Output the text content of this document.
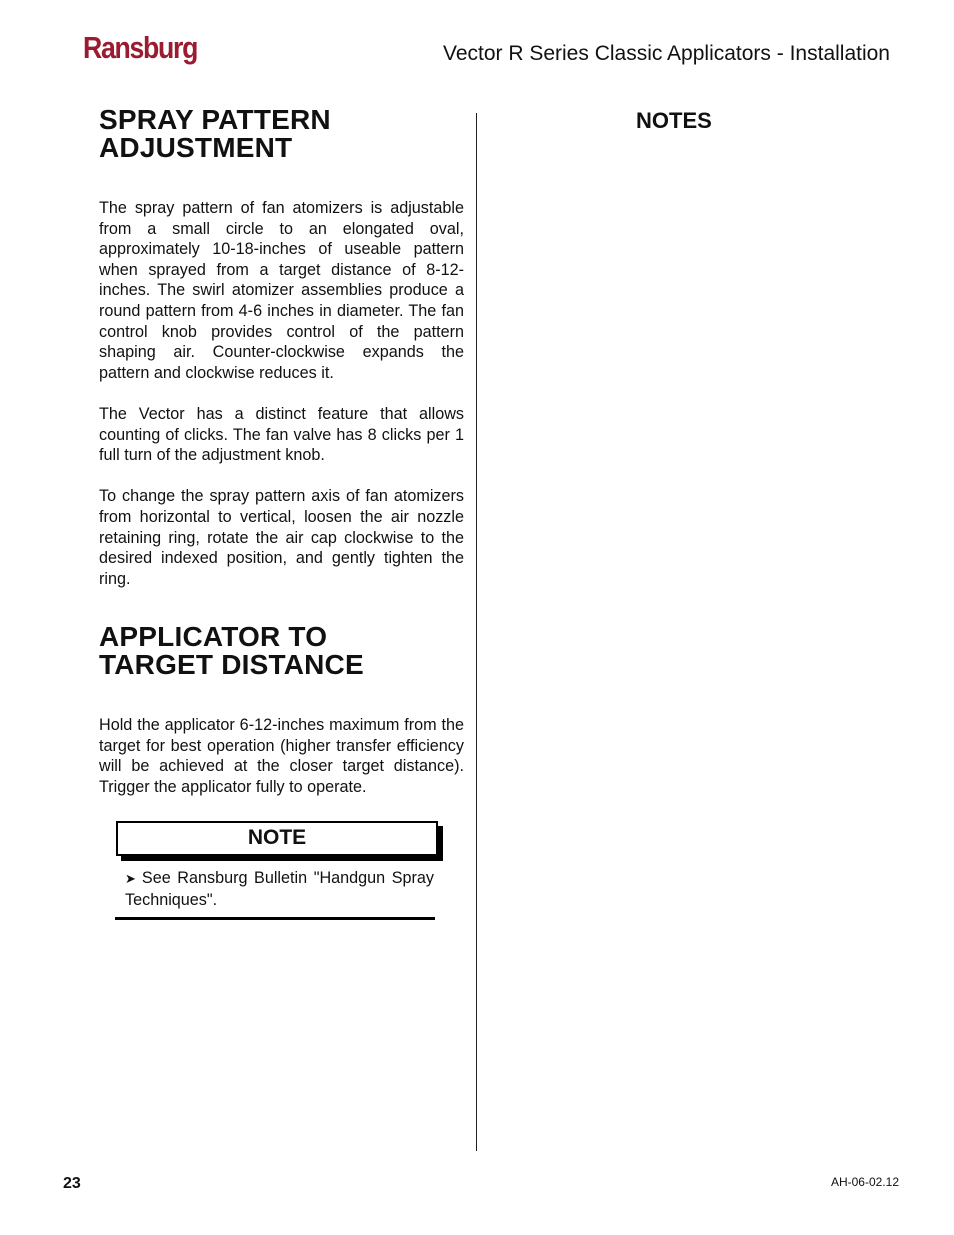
Ransburg	Vector R Series Classic Applicators - Installation
SPRAY PATTERN
ADJUSTMENT

The spray pattern of fan atomizers is adjustable from a small circle to an elongated oval, approximately 10-18-inches of useable pattern when sprayed from a target distance of 8-12-inches. The swirl atomizer assemblies produce a round pattern from 4-6 inches in diameter. The fan control knob provides control of the pattern shaping air. Counter-clockwise expands the pattern and clockwise reduces it.

The Vector has a distinct feature that allows counting of clicks. The fan valve has 8 clicks per 1 full turn of the adjustment knob.

To change the spray pattern axis of fan atomizers from horizontal to vertical, loosen the air nozzle retaining ring, rotate the air cap clockwise to the desired indexed position, and gently tighten the ring.

APPLICATOR TO
TARGET DISTANCE

Hold the applicator 6-12-inches maximum from the target for best operation (higher transfer efficiency will be achieved at the closer target distance). Trigger the applicator fully to operate.

NOTE
➤ See Ransburg Bulletin "Handgun Spray Techniques".
NOTES
23	AH-06-02.12
